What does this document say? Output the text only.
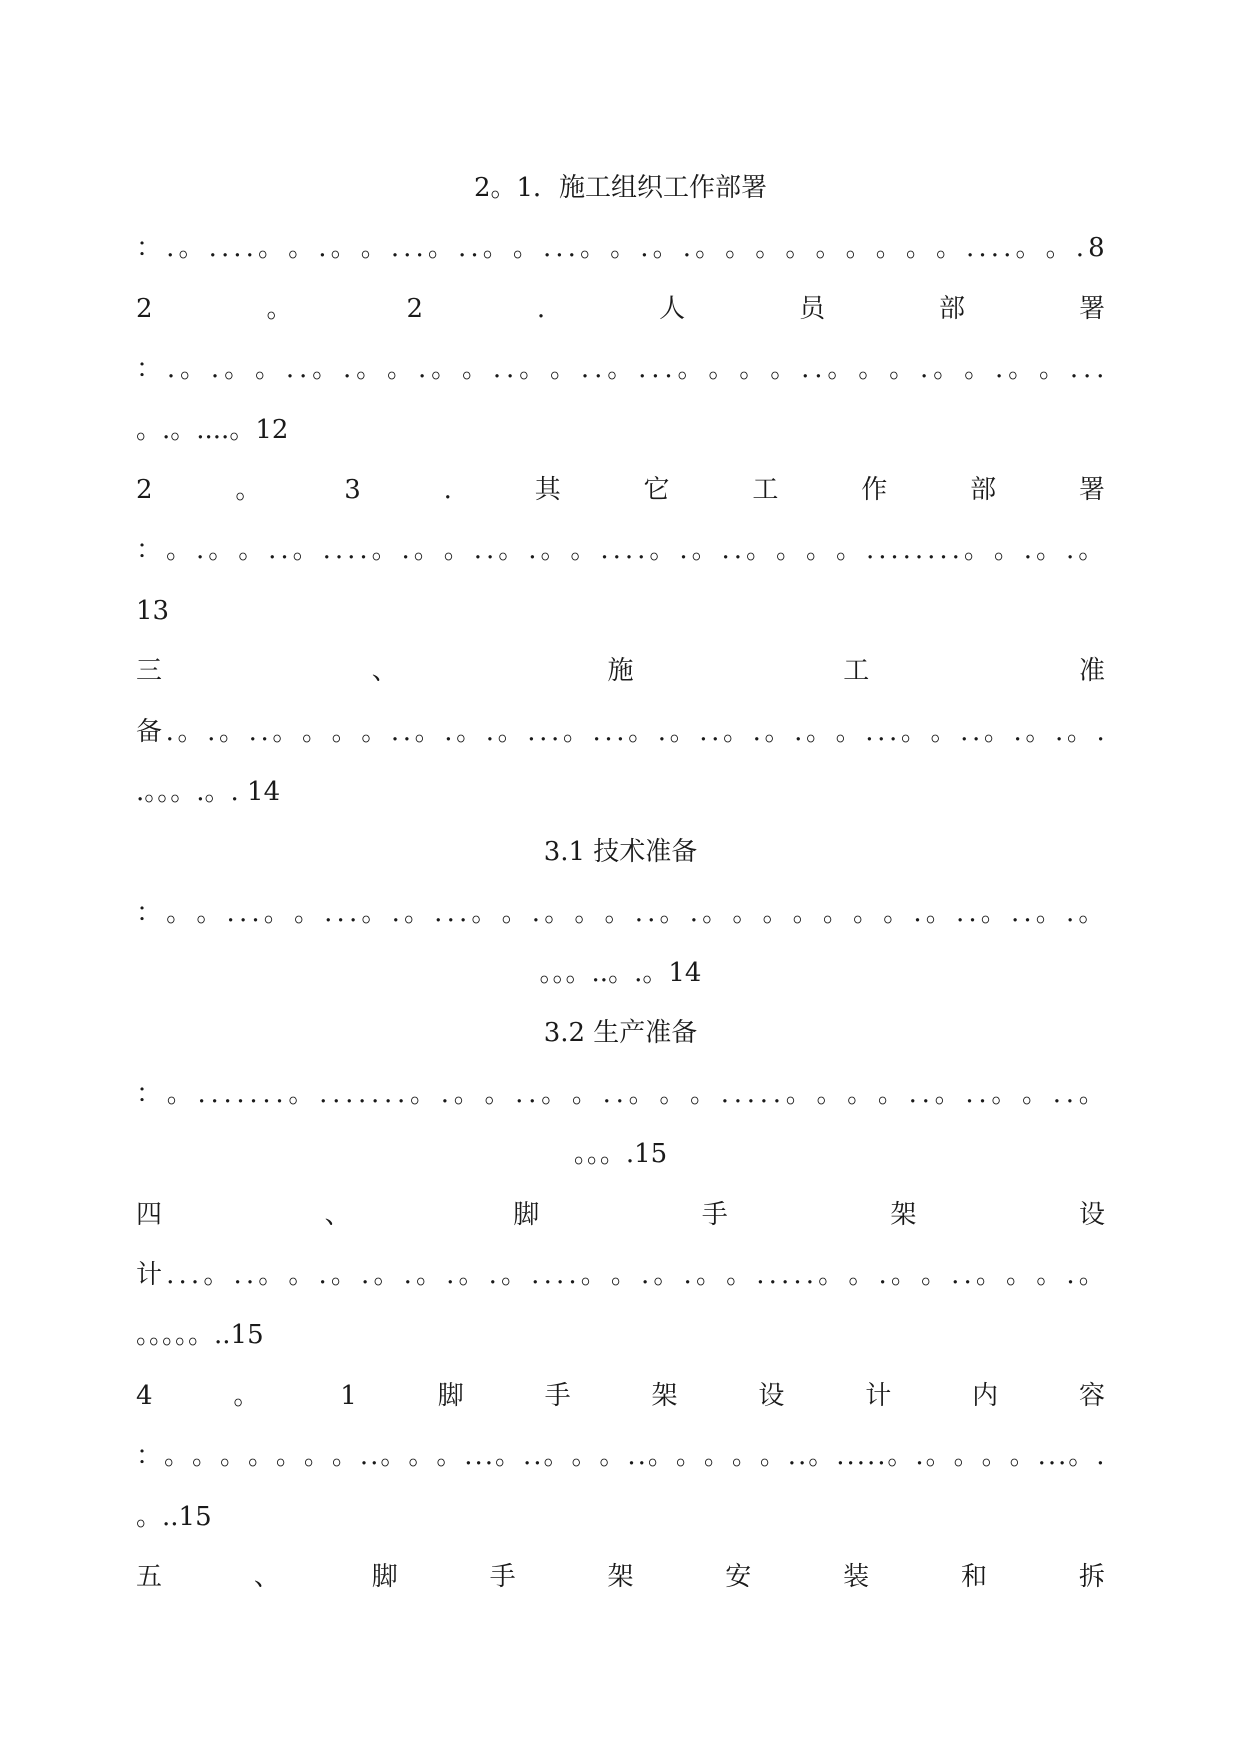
2。1．施工组织工作部署
： . 。 . . . . 。 。 . 。 。 . . . 。 . . 。 。 . . . 。 。 . 。 . 。 。 。 。 。 。 。 。 。 . . . . 。 。 . 8
2	。	2	.	人	员	部	署
： . 。 . 。 。 . . 。 . 。 。 . 。 。 . . 。 。 . . 。 . . . 。 。 。 。 . . 。 。 。 . 。 。 . 。 。 . . .
。.。....。12
2	。	3	.	其	它	工	作	部	署
： 。 . 。 。 . . 。 . . . . 。 . 。 。 . . 。 . 。 。 . . . . 。 . 。 . . 。 。 。 。 . . . . . . . . 。 。 . 。 . 。
13
三	、	施	工	准
备 . 。 . 。 . . 。 。 。 。 . . 。 . 。 . 。 . . . 。 . . . 。 . 。 . . 。 . 。 . 。 。 . . . 。 。 . . 。 . 。 . 。 .
.。。。.。. 14
3.1 技术准备
： 。 。 . . . 。 。 . . . 。 . 。 . . . 。 。 . 。 。 。 . . 。 . 。 。 。 。 。 。 。 . 。 . . 。 . . 。 . 。
。。。..。.。14
3.2 生产准备
： 。 . . . . . . . 。 . . . . . . . 。 . 。 。 . . 。 。 . . 。 。 。 . . . . . 。 。 。 。 . . 。 . . 。 。 . . 。
。。。.15
四	、	脚	手	架	设
计 . . . 。 . . 。 。 . 。 . 。 . 。 . 。 . 。 . . . . 。 。 . 。 . 。 。 . . . . . 。 。 . 。 。 . . 。 。 。 . 。
。。。。。..15
4	。	1	脚	手	架	设	计	内	容
： 。 。 。 。 。 。 。 . . 。 。 。 . . . 。 . . 。 。 。 . . 。 。 。 。 。 . . 。 . . . . . 。 . 。 。 。 。 . . . 。 .
。..15
五	、	脚	手	架	安	装	和	拆
